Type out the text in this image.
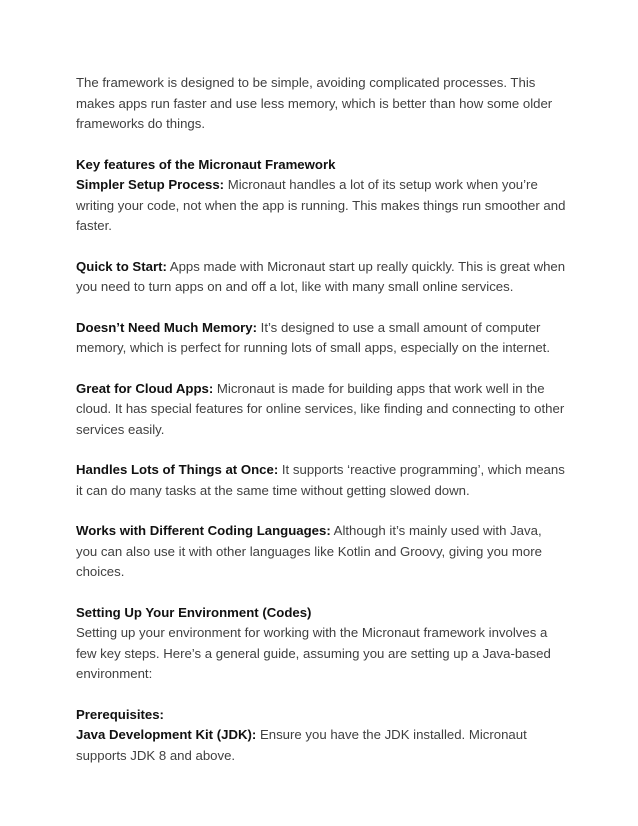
The framework is designed to be simple, avoiding complicated processes. This makes apps run faster and use less memory, which is better than how some older frameworks do things.

Key features of the Micronaut Framework

Simpler Setup Process: Micronaut handles a lot of its setup work when you’re writing your code, not when the app is running. This makes things run smoother and faster.

Quick to Start: Apps made with Micronaut start up really quickly. This is great when you need to turn apps on and off a lot, like with many small online services.

Doesn’t Need Much Memory: It’s designed to use a small amount of computer memory, which is perfect for running lots of small apps, especially on the internet.

Great for Cloud Apps: Micronaut is made for building apps that work well in the cloud. It has special features for online services, like finding and connecting to other services easily.

Handles Lots of Things at Once: It supports ‘reactive programming’, which means it can do many tasks at the same time without getting slowed down.

Works with Different Coding Languages: Although it’s mainly used with Java, you can also use it with other languages like Kotlin and Groovy, giving you more choices.

Setting Up Your Environment (Codes)

Setting up your environment for working with the Micronaut framework involves a few key steps. Here’s a general guide, assuming you are setting up a Java-based environment:

Prerequisites:

Java Development Kit (JDK): Ensure you have the JDK installed. Micronaut supports JDK 8 and above.
